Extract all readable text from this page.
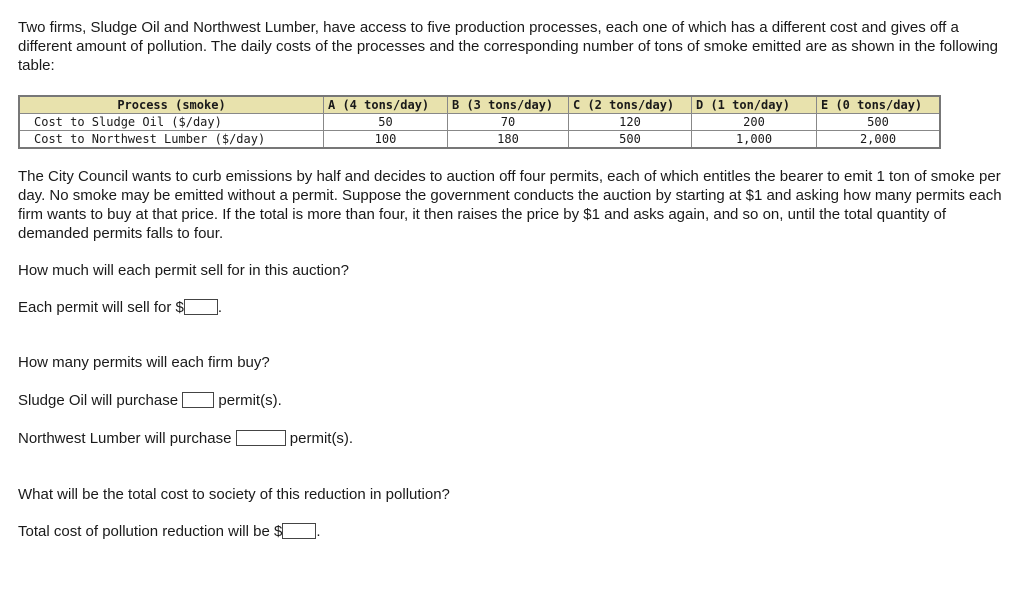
Two firms, Sludge Oil and Northwest Lumber, have access to five production processes, each one of which has a different cost and gives off a different amount of pollution. The daily costs of the processes and the corresponding number of tons of smoke emitted are as shown in the following table:

Process (smoke)	A (4 tons/day)	B (3 tons/day)	C (2 tons/day)	D (1 ton/day)	E (0 tons/day)
Cost to Sludge Oil ($/day)	50	70	120	200	500
Cost to Northwest Lumber ($/day)	100	180	500	1,000	2,000

The City Council wants to curb emissions by half and decides to auction off four permits, each of which entitles the bearer to emit 1 ton of smoke per day. No smoke may be emitted without a permit. Suppose the government conducts the auction by starting at $1 and asking how many permits each firm wants to buy at that price. If the total is more than four, it then raises the price by $1 and asks again, and so on, until the total quantity of demanded permits falls to four.

How much will each permit sell for in this auction?

Each permit will sell for $ .

How many permits will each firm buy?

Sludge Oil will purchase	permit(s).

Northwest Lumber will purchase	permit(s).

What will be the total cost to society of this reduction in pollution?

Total cost of pollution reduction will be $ .
